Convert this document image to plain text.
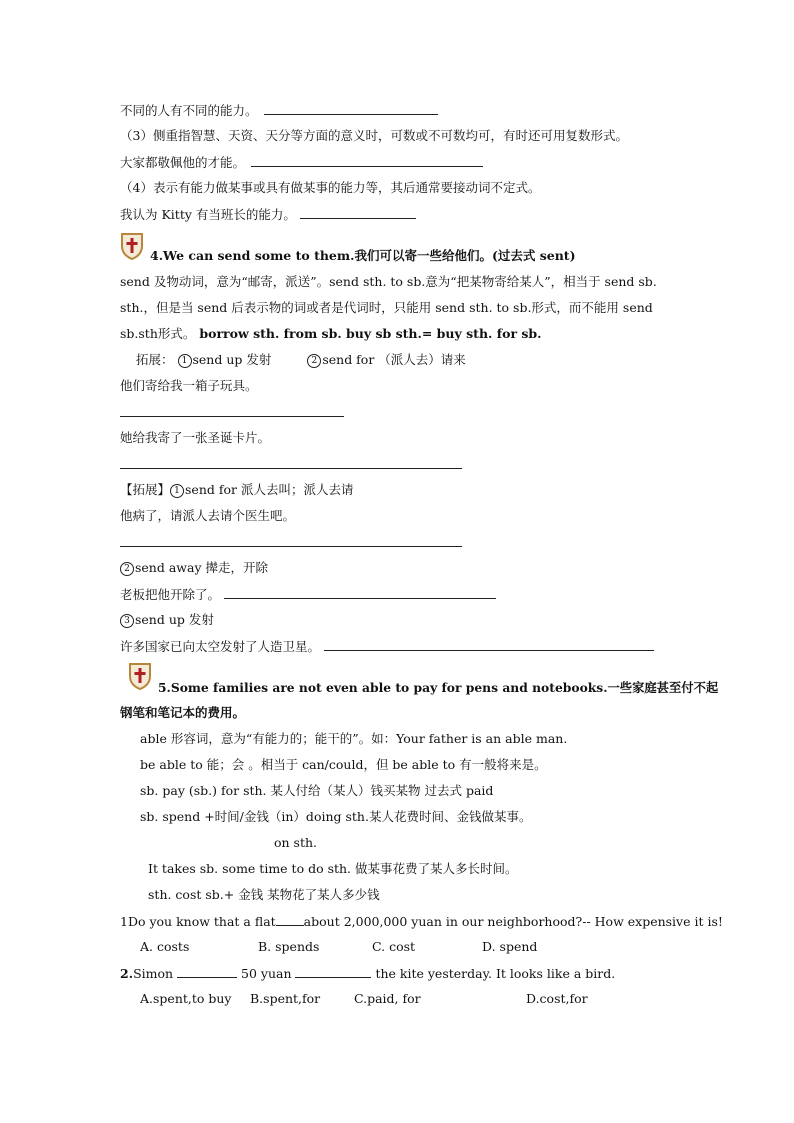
不同的人有不同的能力。
（3）侧重指智慧、天资、天分等方面的意义时，可数或不可数均可，有时还可用复数形式。
大家都敬佩他的才能。
（4）表示有能力做某事或具有做某事的能力等，其后通常要接动词不定式。
我认为 Kitty 有当班长的能力。
4.We can send some to them.我们可以寄一些给他们。(过去式 sent)
send 及物动词，意为“邮寄，派送”。send sth. to sb.意为“把某物寄给某人”，相当于 send sb.
sth.，但是当 send 后表示物的词或者是代词时，只能用 send sth. to sb.形式，而不能用 send
sb.sth形式。 borrow sth. from sb. buy sb sth.= buy sth. for sb.
拓展： 1 send up 发射	2 send for （派人去）请来
他们寄给我一箱子玩具。
她给我寄了一张圣诞卡片。
【拓展】 1 send for 派人去叫；派人去请
他病了，请派人去请个医生吧。
2 send away 撵走，开除
老板把他开除了。
3 send up 发射
许多国家已向太空发射了人造卫星。
5.Some families are not even able to pay for pens and notebooks.一些家庭甚至付不起
钢笔和笔记本的费用。
able 形容词，意为“有能力的；能干的”。如：Your father is an able man.
be able to 能；会 。相当于 can/could，但 be able to 有一般将来是。
sb. pay (sb.) for sth. 某人付给（某人）钱买某物 过去式 paid
sb. spend +时间/金钱（in）doing sth.某人花费时间、金钱做某事。
on sth.
It takes sb. some time to do sth. 做某事花费了某人多长时间。
sth. cost sb.+ 金钱 某物花了某人多少钱
1Do you know that a flat about 2,000,000 yuan in our neighborhood?-- How expensive it is!
A. costs	B. spends	C. cost	D. spend
2.Simon	50 yuan	the kite yesterday. It looks like a bird.
A.spent,to buy B.spent,for	C.paid, for	D.cost,for
